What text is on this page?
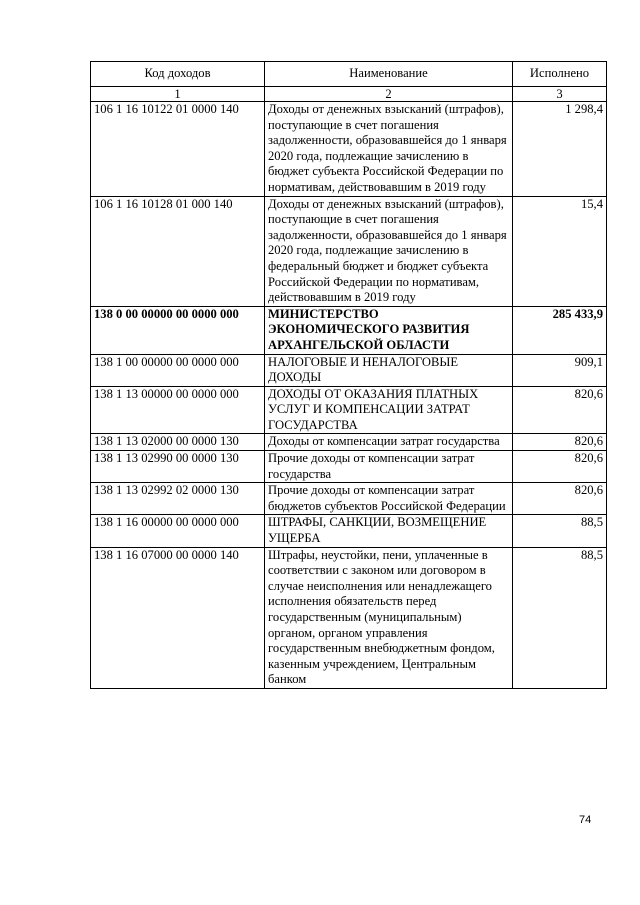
Код доходов	Наименование	Исполнено
1	2	3
106 1 16 10122 01 0000 140	Доходы от денежных взысканий (штрафов), поступающие в счет погашения задолженности, образовавшейся до 1 января 2020 года, подлежащие зачислению в бюджет субъекта Российской Федерации по нормативам, действовавшим в 2019 году	1 298,4
106 1 16 10128 01 000 140	Доходы от денежных взысканий (штрафов), поступающие в счет погашения задолженности, образовавшейся до 1 января 2020 года, подлежащие зачислению в федеральный бюджет и бюджет субъекта Российской Федерации по нормативам, действовавшим в 2019 году	15,4
138 0 00 00000 00 0000 000	МИНИСТЕРСТВО ЭКОНОМИЧЕСКОГО РАЗВИТИЯ АРХАНГЕЛЬСКОЙ ОБЛАСТИ	285 433,9
138 1 00 00000 00 0000 000	НАЛОГОВЫЕ И НЕНАЛОГОВЫЕ ДОХОДЫ	909,1
138 1 13 00000 00 0000 000	ДОХОДЫ ОТ ОКАЗАНИЯ ПЛАТНЫХ УСЛУГ И КОМПЕНСАЦИИ ЗАТРАТ ГОСУДАРСТВА	820,6
138 1 13 02000 00 0000 130	Доходы от компенсации затрат государства	820,6
138 1 13 02990 00 0000 130	Прочие доходы от компенсации затрат государства	820,6
138 1 13 02992 02 0000 130	Прочие доходы от компенсации затрат бюджетов субъектов Российской Федерации	820,6
138 1 16 00000 00 0000 000	ШТРАФЫ, САНКЦИИ, ВОЗМЕЩЕНИЕ УЩЕРБА	88,5
138 1 16 07000 00 0000 140	Штрафы, неустойки, пени, уплаченные в соответствии с законом или договором в случае неисполнения или ненадлежащего исполнения обязательств перед государственным (муниципальным) органом, органом управления государственным внебюджетным фондом, казенным учреждением, Центральным банком	88,5
74
